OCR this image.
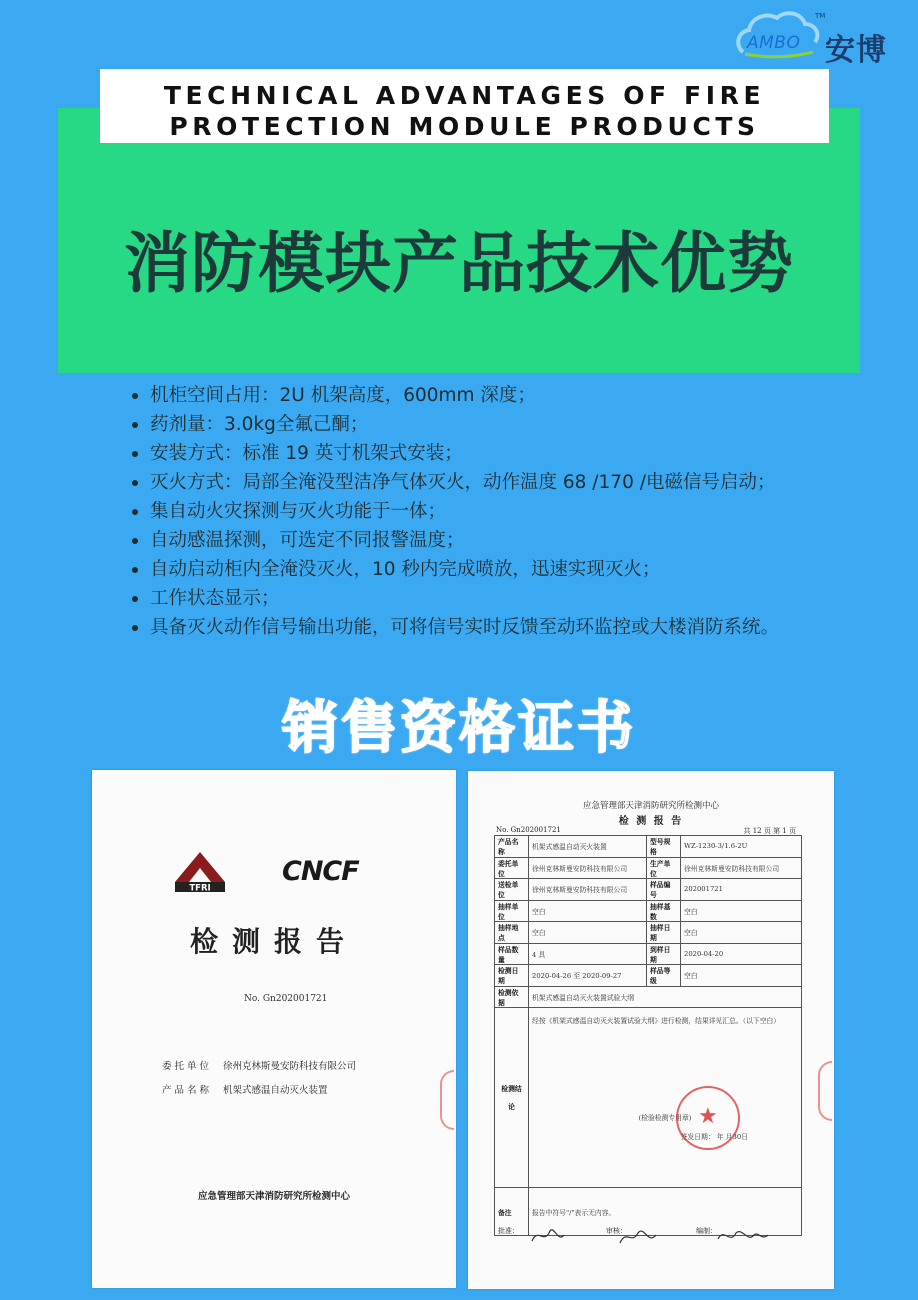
AMBO
TM
安博

TECHNICAL ADVANTAGES OF FIRE

PROTECTION MODULE PRODUCTS

消防模块产品技术优势
机柜空间占用：2U 机架高度，600mm 深度；
药剂量：3.0kg全氟己酮；
安装方式：标准 19 英寸机架式安装；
灭火方式：局部全淹没型洁净气体灭火，动作温度 68 /170 /电磁信号启动；
集自动火灾探测与灭火功能于一体；
自动感温探测，可选定不同报警温度；
自动启动柜内全淹没灭火，10 秒内完成喷放，迅速实现灭火；
工作状态显示；
具备灭火动作信号输出功能，可将信号实时反馈至动环监控或大楼消防系统。
销售资格证书
TFRI
CNCF
检测报告
No. Gn202001721
委托单位 徐州克林斯曼安防科技有限公司
产品名称 机架式感温自动灭火装置
应急管理部天津消防研究所检测中心
应急管理部天津消防研究所检测中心
检 测 报 告
No. Gn202001721	共 12 页 第 1 页
产品名称	机架式感温自动灭火装置	型号规格	WZ-1230-3/1.6-2U
委托单位	徐州克林斯曼安防科技有限公司	生产单位	徐州克林斯曼安防科技有限公司
送检单位	徐州克林斯曼安防科技有限公司	样品编号	202001721
抽样单位	空白	抽样基数	空白
抽样地点	空白	抽样日期	空白
样品数量	4 具	到样日期	2020-04-20
检测日期	2020-04-26 至 2020-09-27	样品等级	空白
检测依据	机架式感温自动灭火装置试验大纲		

检测结论	经按《机架式感温自动灭火装置试验大纲》进行检测，结果详见汇总。（以下空白）
(检验检测专用章)
签发日期： 年 月30日		

备注	报告中符号"/"表示无内容。		
★
批准：	审核：	编制：
